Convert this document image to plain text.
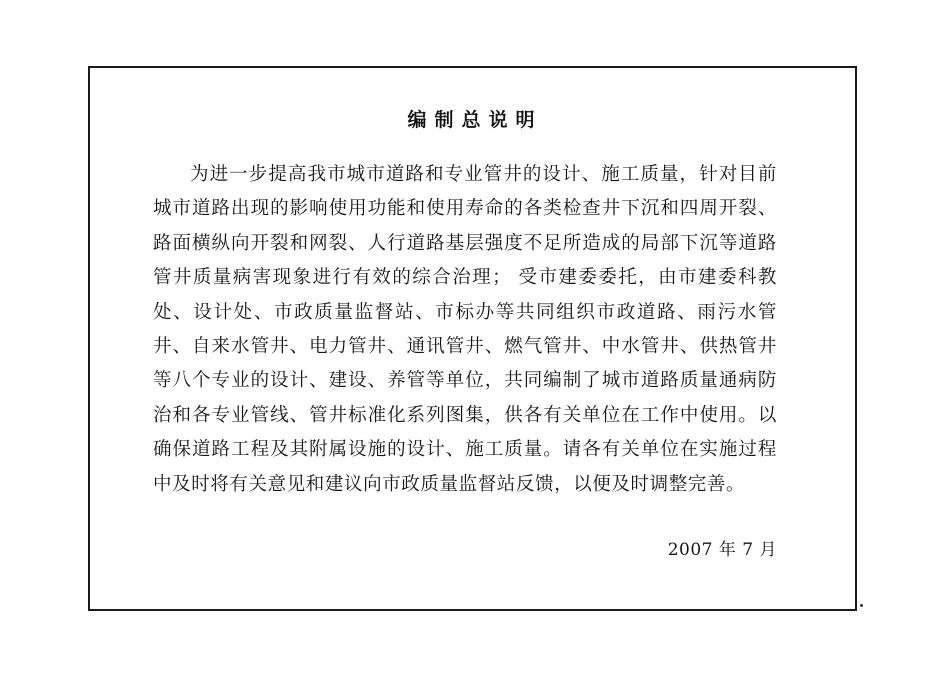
编制总说明

为进一步提高我市城市道路和专业管井的设计、施工质量，针对目前城市道路出现的影响使用功能和使用寿命的各类检查井下沉和四周开裂、路面横纵向开裂和网裂、人行道路基层强度不足所造成的局部下沉等道路管井质量病害现象进行有效的综合治理； 受市建委委托，由市建委科教处、设计处、市政质量监督站、市标办等共同组织市政道路、雨污水管井、自来水管井、电力管井、通讯管井、燃气管井、中水管井、供热管井等八个专业的设计、建设、养管等单位，共同编制了城市道路质量通病防治和各专业管线、管井标准化系列图集，供各有关单位在工作中使用。以确保道路工程及其附属设施的设计、施工质量。请各有关单位在实施过程中及时将有关意见和建议向市政质量监督站反馈，以便及时调整完善。

2007 年 7 月
